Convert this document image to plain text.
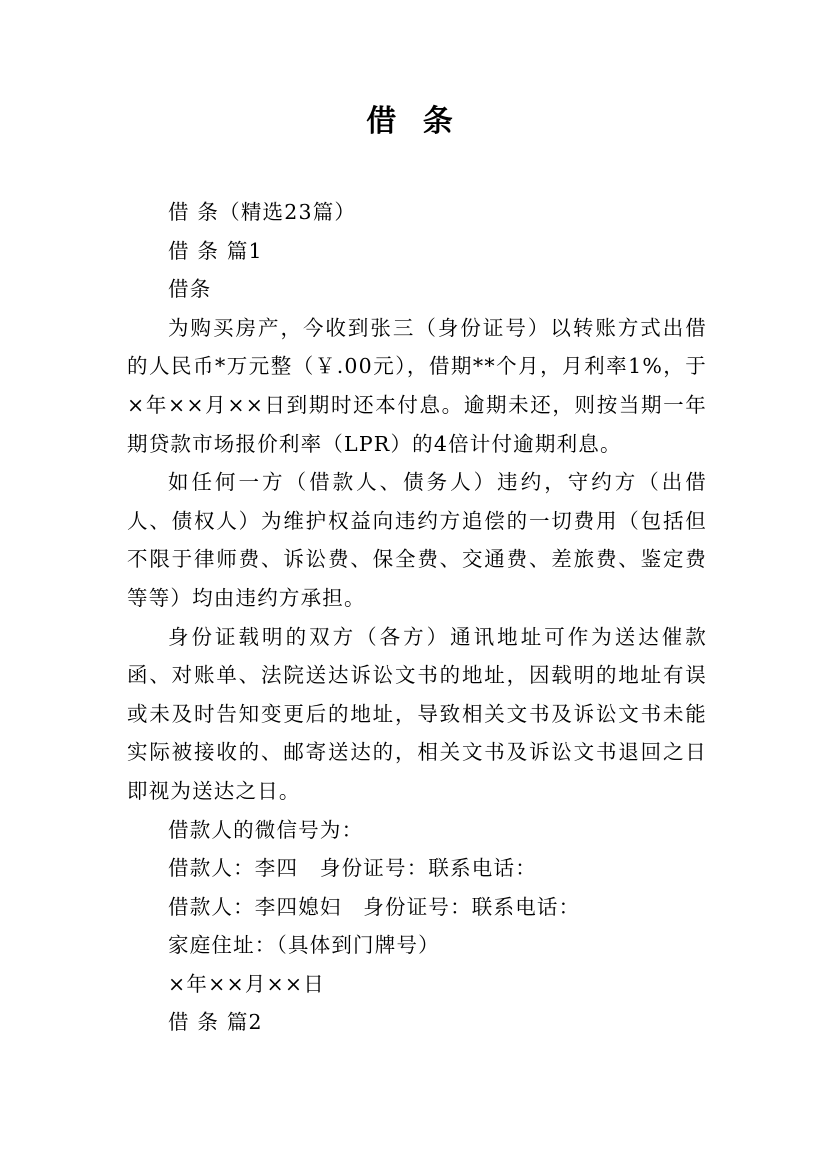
借 条

借 条（精选23篇）

借 条 篇1

借条

为购买房产，今收到张三（身份证号）以转账方式出借的人民币*万元整（￥.00元），借期**个月，月利率1%，于×年××月××日到期时还本付息。逾期未还，则按当期一年期贷款市场报价利率（LPR）的4倍计付逾期利息。

如任何一方（借款人、债务人）违约，守约方（出借人、债权人）为维护权益向违约方追偿的一切费用（包括但不限于律师费、诉讼费、保全费、交通费、差旅费、鉴定费等等）均由违约方承担。

身份证载明的双方（各方）通讯地址可作为送达催款函、对账单、法院送达诉讼文书的地址，因载明的地址有误或未及时告知变更后的地址，导致相关文书及诉讼文书未能实际被接收的、邮寄送达的，相关文书及诉讼文书退回之日即视为送达之日。

借款人的微信号为：

借款人：李四　身份证号：联系电话：

借款人：李四媳妇　身份证号：联系电话：

家庭住址：（具体到门牌号）

×年××月××日

借 条 篇2
